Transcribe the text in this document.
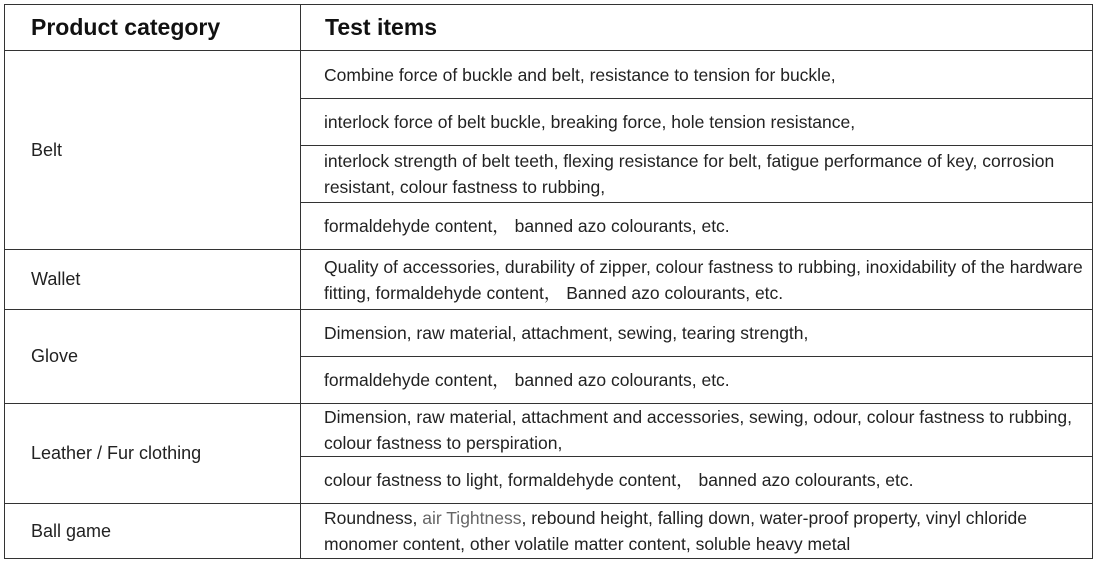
Product category	Test items
Belt	Combine force of buckle and belt, resistance to tension for buckle,
	interlock force of belt buckle, breaking force, hole tension resistance,
	interlock strength of belt teeth, flexing resistance for belt, fatigue performance of key, corrosion resistant, colour fastness to rubbing,
	formaldehyde content， banned azo colourants, etc.
Wallet	Quality of accessories, durability of zipper, colour fastness to rubbing, inoxidability of the hardware fitting, formaldehyde content， Banned azo colourants, etc.
Glove	Dimension, raw material, attachment, sewing, tearing strength,
	formaldehyde content， banned azo colourants, etc.
Leather / Fur clothing	Dimension, raw material, attachment and accessories, sewing, odour, colour fastness to rubbing, colour fastness to perspiration,
	colour fastness to light, formaldehyde content， banned azo colourants, etc.
Ball game	Roundness, air Tightness, rebound height, falling down, water-proof property, vinyl chloride monomer content, other volatile matter content, soluble heavy metal
